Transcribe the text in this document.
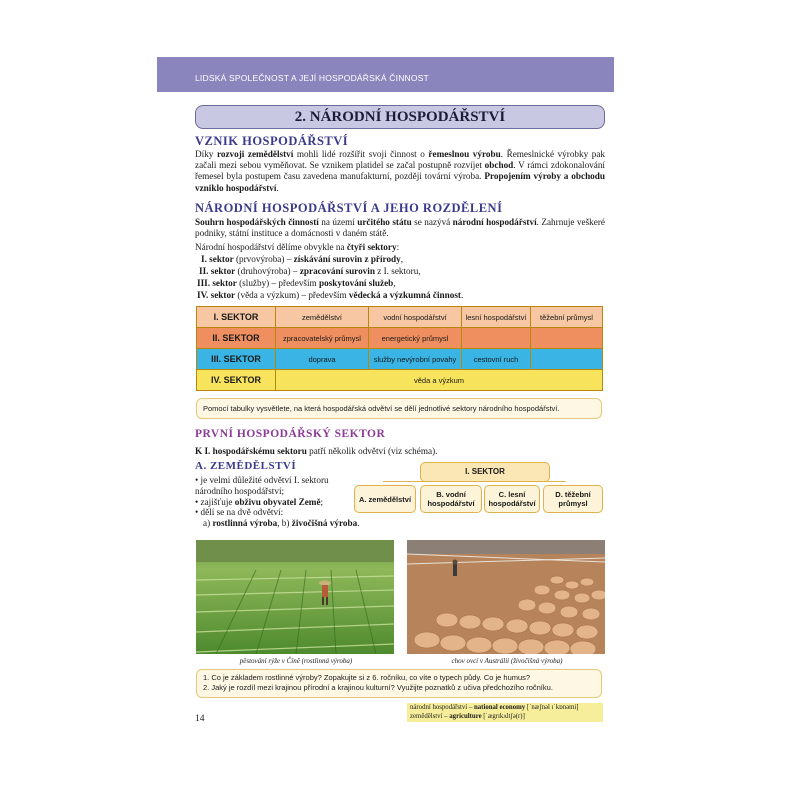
LIDSKÁ SPOLEČNOST A JEJÍ HOSPODÁŘSKÁ ČINNOST
2. NÁRODNÍ HOSPODÁŘSTVÍ
VZNIK HOSPODÁŘSTVÍ
Díky rozvoji zemědělství mohli lidé rozšířit svoji činnost o řemeslnou výrobu. Řemeslnické výrobky pak začali mezi sebou vyměňovat. Se vznikem platidel se začal postupně rozvíjet obchod. V rámci zdokonalování řemesel byla postupem času zavedena manufakturní, později tovární výroba. Propojením výroby a obchodu vzniklo hospodářství.
NÁRODNÍ HOSPODÁŘSTVÍ A JEHO ROZDĚLENÍ
Souhrn hospodářských činností na území určitého státu se nazývá národní hospodářství. Zahrnuje veškeré podniky, státní instituce a domácnosti v daném státě.
Národní hospodářství dělíme obvykle na čtyři sektory:
I. sektor (prvovýroba) – získávání surovin z přírody,
II. sektor (druhovýroba) – zpracování surovin z I. sektoru,
III. sektor (služby) – především poskytování služeb,
IV. sektor (věda a výzkum) – především vědecká a výzkumná činnost.
I. SEKTOR	zemědělství	vodní hospodářství	lesní hospodářství	těžební průmysl
II. SEKTOR	zpracovatelský průmysl	energetický průmysl		
III. SEKTOR	doprava	služby nevýrobní povahy	cestovní ruch	
IV. SEKTOR	věda a výzkum			
Pomocí tabulky vysvětlete, na která hospodářská odvětví se dělí jednotlivé sektory národního hospodářství.
PRVNÍ HOSPODÁŘSKÝ SEKTOR
K I. hospodářskému sektoru patří několik odvětví (viz schéma).
A. ZEMĚDĚLSTVÍ
• je velmi důležité odvětví I. sektoru národního hospodářství;
• zajišťuje obživu obyvatel Země;
• dělí se na dvě odvětví:
a) rostlinná výroba, b) živočišná výroba.
I. SEKTOR
A. zemědělství	B. vodní hospodářství
C. lesní hospodářství
D. těžební průmysl
pěstování rýže v Číně (rostlinná výroba)	chov ovcí v Austrálii (živočišná výroba)
1. Co je základem rostlinné výroby? Zopakujte si z 6. ročníku, co víte o typech půdy. Co je humus?
2. Jaký je rozdíl mezi krajinou přírodní a krajinou kulturní? Využijte poznatků z učiva předchozího ročníku.
14
národní hospodářství – national economy [ˈnæʃnəl ɪˈkɒnəmi]
zemědělství – agriculture [ˈægrɪkʌltʃə(r)]
